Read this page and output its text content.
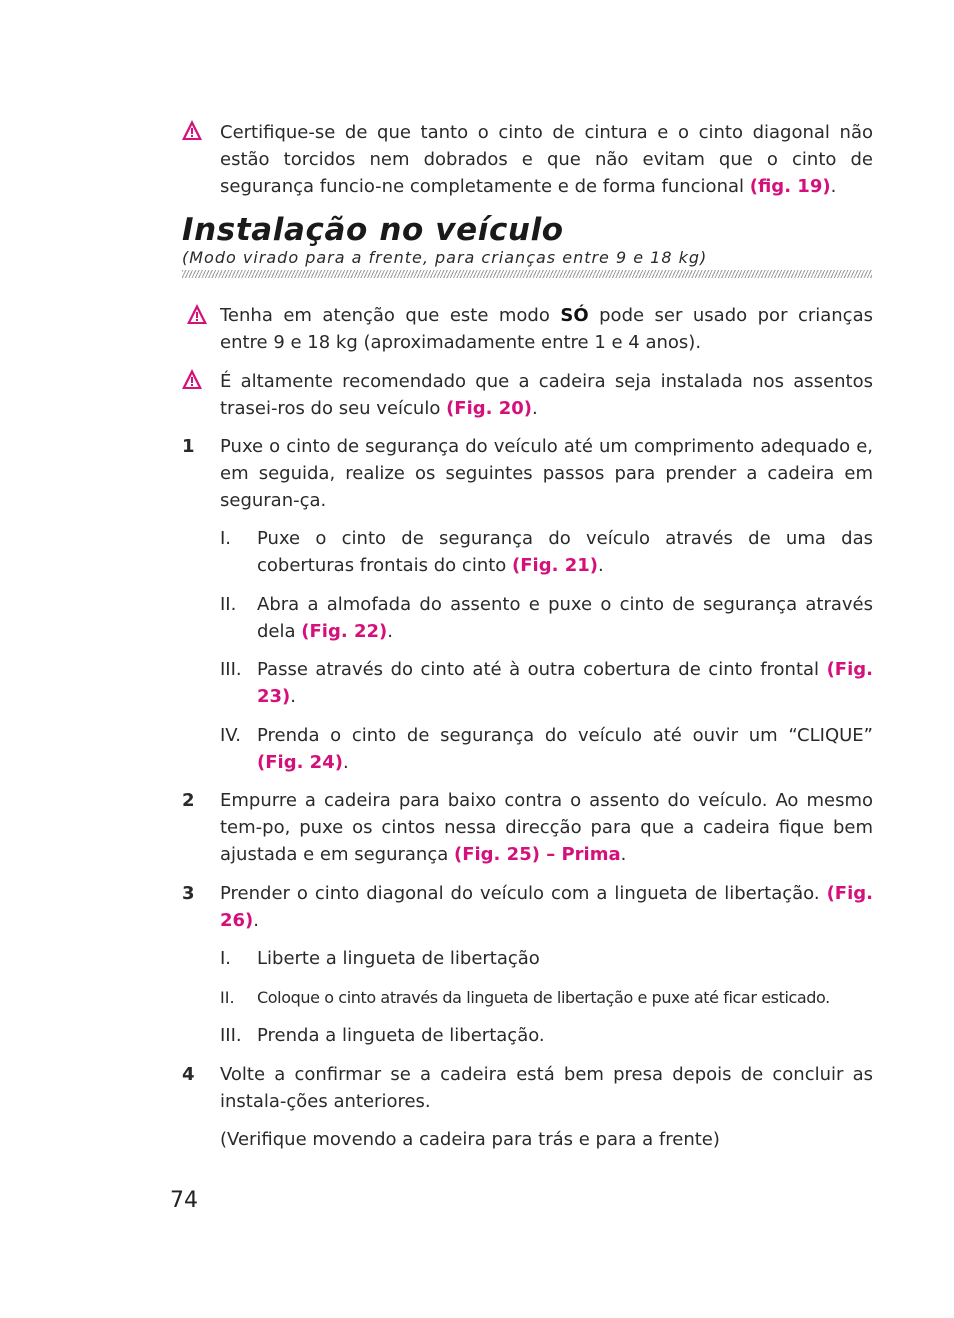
Certifique-se de que tanto o cinto de cintura e o cinto diagonal não estão torcidos nem dobrados e que não evitam que o cinto de segurança funcio-ne completamente e de forma funcional (fig. 19).
Instalação no veículo
(Modo virado para a frente, para crianças entre 9 e 18 kg)
Tenha em atenção que este modo SÓ pode ser usado por crianças entre 9 e 18 kg (aproximadamente entre 1 e 4 anos).
É altamente recomendado que a cadeira seja instalada nos assentos trasei-ros do seu veículo (Fig. 20).
1 Puxe o cinto de segurança do veículo até um comprimento adequado e, em seguida, realize os seguintes passos para prender a cadeira em seguran-ça.
I. Puxe o cinto de segurança do veículo através de uma das coberturas frontais do cinto (Fig. 21).
II. Abra a almofada do assento e puxe o cinto de segurança através dela (Fig. 22).
III. Passe através do cinto até à outra cobertura de cinto frontal (Fig. 23).
IV. Prenda o cinto de segurança do veículo até ouvir um “CLIQUE” (Fig. 24).
2 Empurre a cadeira para baixo contra o assento do veículo. Ao mesmo tem-po, puxe os cintos nessa direcção para que a cadeira fique bem ajustada e em segurança (Fig. 25) – Prima.
3 Prender o cinto diagonal do veículo com a lingueta de libertação. (Fig. 26).
I. Liberte a lingueta de libertação
II. Coloque o cinto através da lingueta de libertação e puxe até ficar esticado.
III. Prenda a lingueta de libertação.
4 Volte a confirmar se a cadeira está bem presa depois de concluir as instala-ções anteriores.
(Verifique movendo a cadeira para trás e para a frente)
74
